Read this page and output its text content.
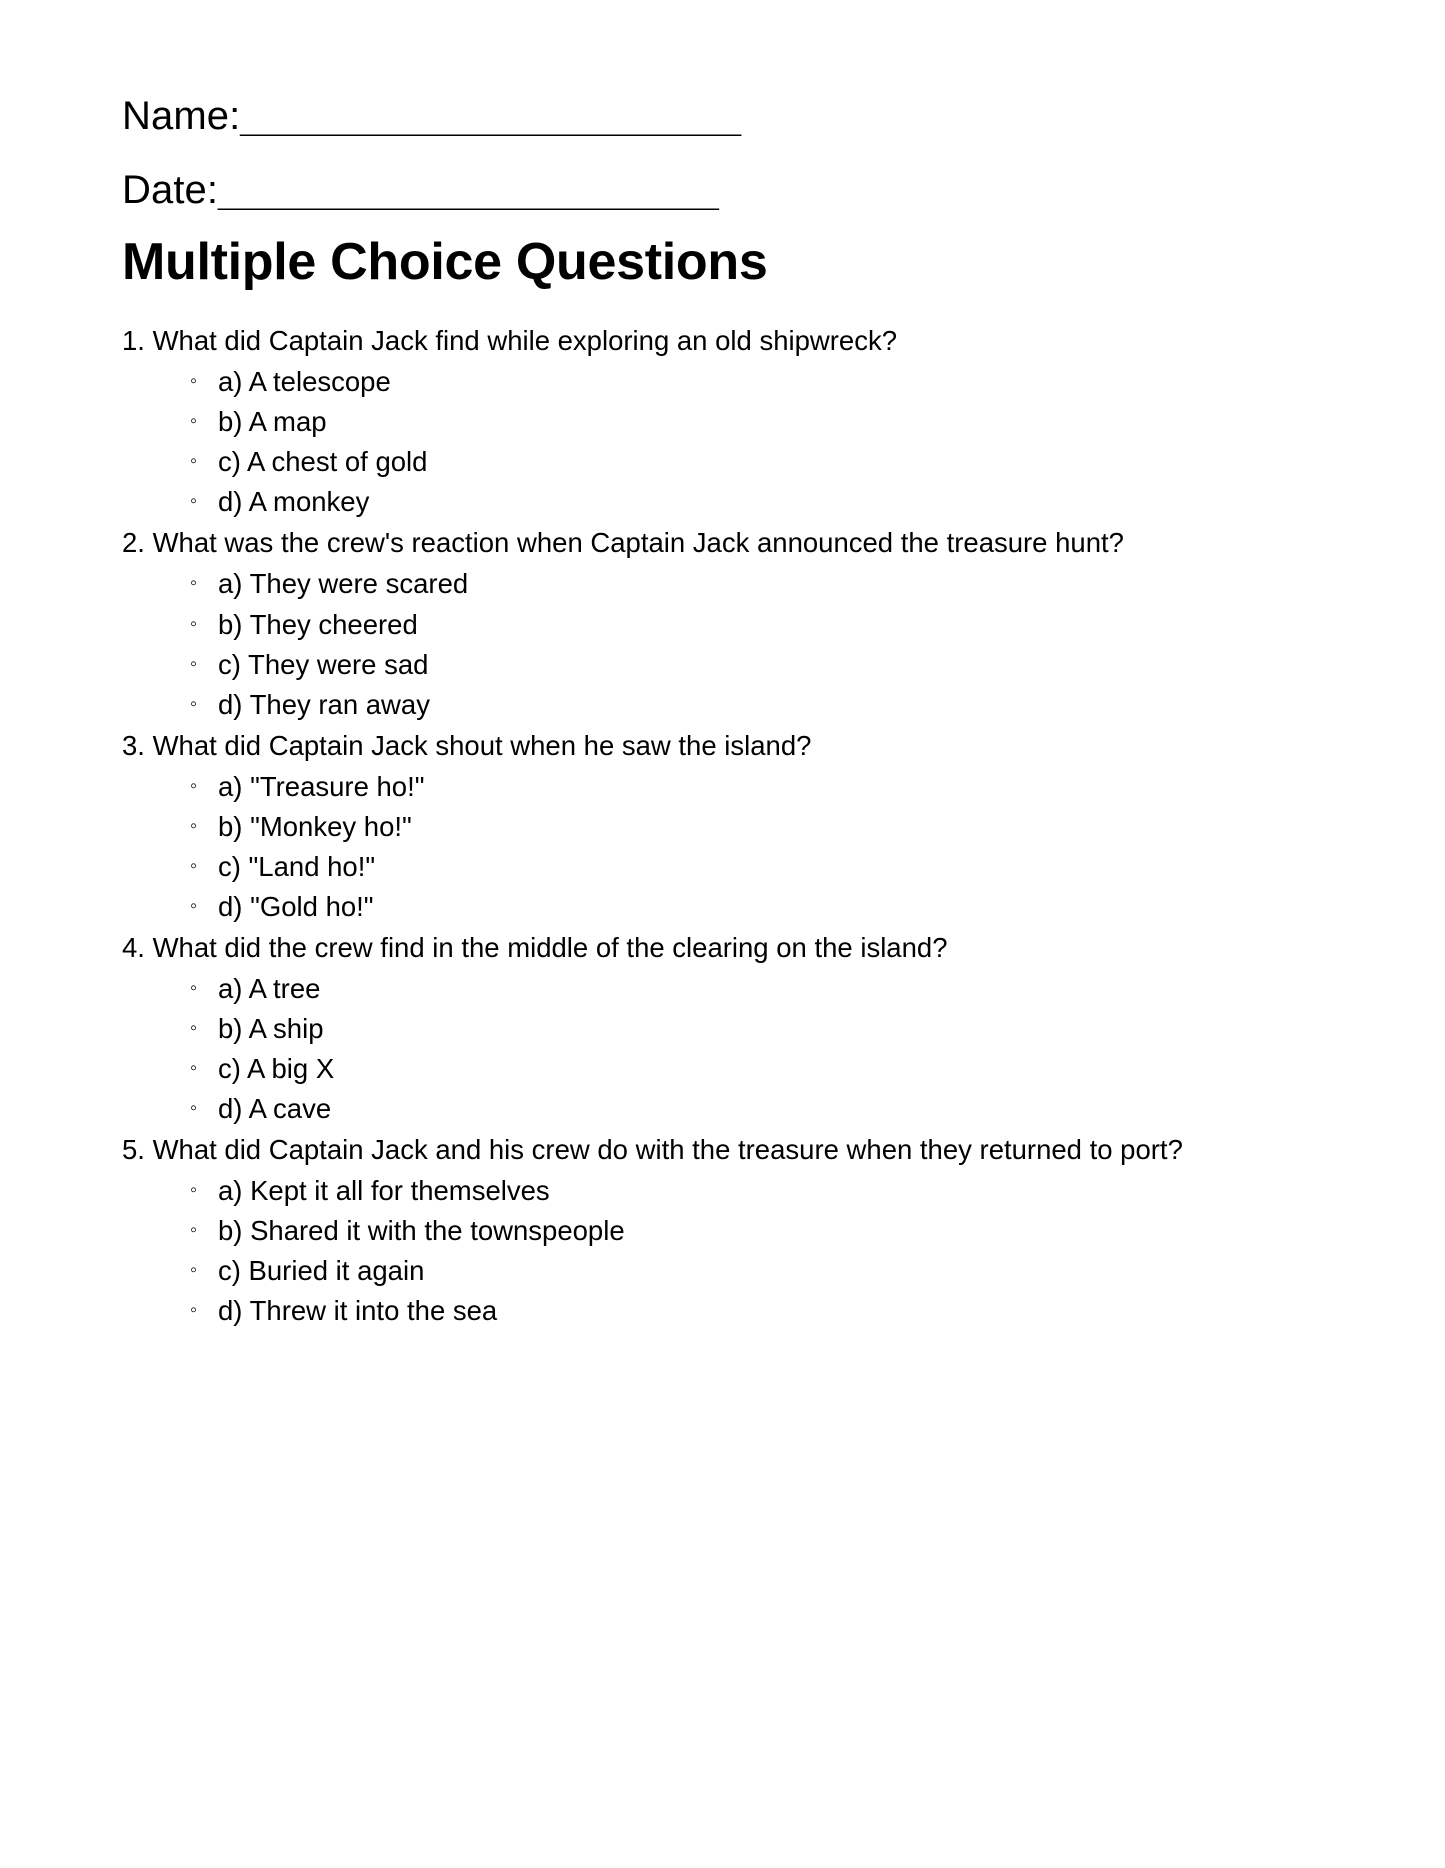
Name:_______________________
Date:_______________________
Multiple Choice Questions

1. What did Captain Jack find while exploring an old shipwreck?

◦ a) A telescope
◦ b) A map
◦ c) A chest of gold
◦ d) A monkey

2. What was the crew's reaction when Captain Jack announced the treasure hunt?

◦ a) They were scared
◦ b) They cheered
◦ c) They were sad
◦ d) They ran away

3. What did Captain Jack shout when he saw the island?

◦ a) "Treasure ho!"
◦ b) "Monkey ho!"
◦ c) "Land ho!"
◦ d) "Gold ho!"

4. What did the crew find in the middle of the clearing on the island?

◦ a) A tree
◦ b) A ship
◦ c) A big X
◦ d) A cave

5. What did Captain Jack and his crew do with the treasure when they returned to port?

◦ a) Kept it all for themselves
◦ b) Shared it with the townspeople
◦ c) Buried it again
◦ d) Threw it into the sea
